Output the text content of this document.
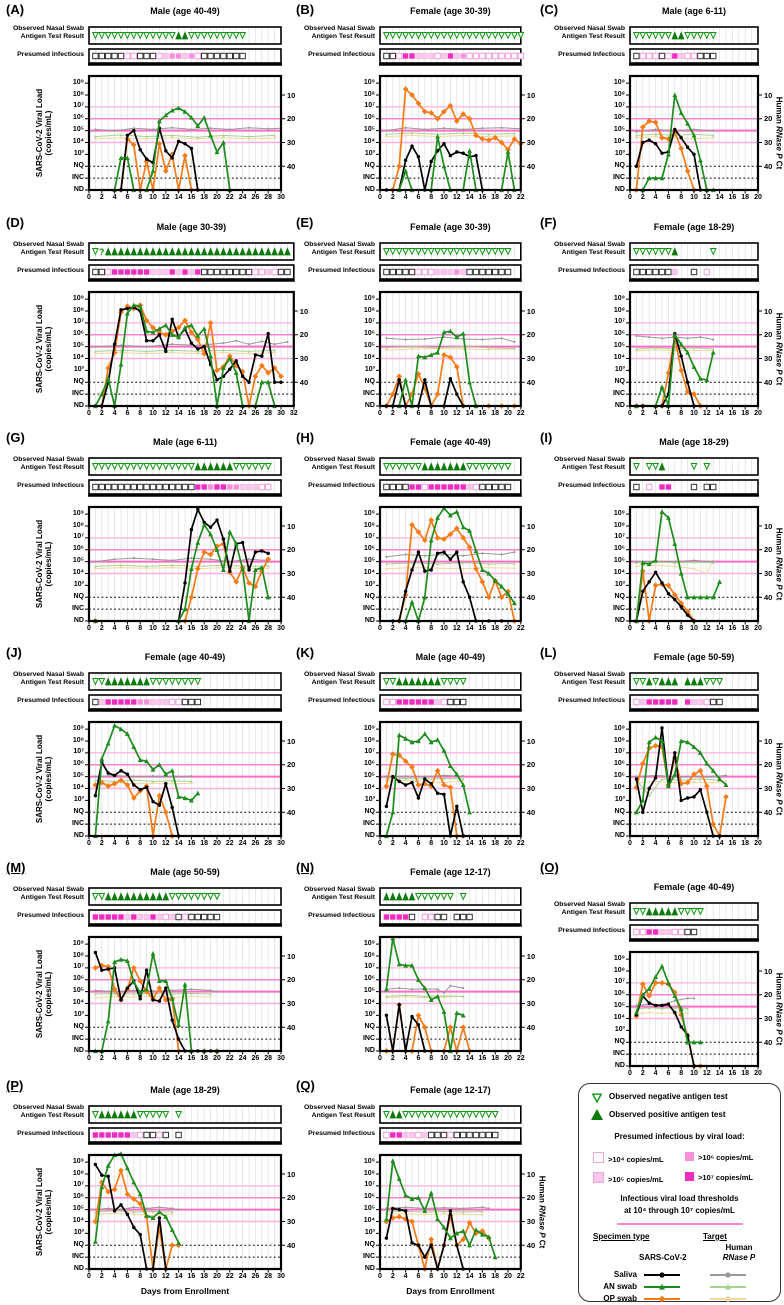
(A)	Male (age 40-49)
Observed Nasal Swab
Antigen Test Result
Presumed Infectious
10⁹
10⁸
10⁷
10⁶
10⁵
10⁴
10³
NQ
INC
ND
10
20
30
40
0	2	4	6	8 10 12 14 16 18 20 22 24 26 28 30
SARS-CoV-2 Viral Load
(copies/mL)
(B)	Female (age 30-39)
Observed Nasal Swab
Antigen Test Result
Presumed Infectious
10⁹
10⁸
10⁷
10⁶
10⁵
10⁴
10³
NQ
INC
ND
10
20
30
40
0	2	4	6	8 10 12 14 16 18 20 22
(C)	Male (age 6-11)
Observed Nasal Swab
Antigen Test Result
Presumed Infectious
10⁹
10⁸
10⁷
10⁶
10⁵
10⁴
10³
NQ
INC
ND
10
20
30
40
0	2	4	6	8 10 12 14 16 18 20
Human RNase P Ct
(D)	Male (age 30-39)
Observed Nasal Swab
Antigen Test Result
Presumed Infectious
10⁹
10⁸
10⁷
10⁶
10⁵
10⁴
10³
NQ
INC
ND
10
20
30
40
0	2	4	6	8 10 12 14 16 18 20 22 24 26 28 30 32
SARS-CoV-2 Viral Load
(copies/mL)
?
(E)	Female (age 30-39)
Observed Nasal Swab
Antigen Test Result
Presumed Infectious
10⁹
10⁸
10⁷
10⁶
10⁵
10⁴
10³
NQ
INC
ND
10
20
30
40
0	2	4	6	8 10 12 14 16 18 20 22
(F)	Female (age 18-29)
Observed Nasal Swab
Antigen Test Result
Presumed Infectious
10⁹
10⁸
10⁷
10⁶
10⁵
10⁴
10³
NQ
INC
ND
10
20
30
40
0	2	4	6	8 10 12 14 16 18 20
Human RNase P Ct
(G)	Male (age 6-11)
Observed Nasal Swab
Antigen Test Result
Presumed Infectious
10⁹
10⁸
10⁷
10⁶
10⁵
10⁴
10³
NQ
INC
ND
10
20
30
40
0	2	4	6	8 10 12 14 16 18 20 22 24 26 28 30
SARS-CoV-2 Viral Load
(copies/mL)
(H)	Female (age 40-49)
Observed Nasal Swab
Antigen Test Result
Presumed Infectious
10⁹
10⁸
10⁷
10⁶
10⁵
10⁴
10³
NQ
INC
ND
10
20
30
40
0	2	4	6	8 10 12 14 16 18 20 22
(I)	Male (age 18-29)
Observed Nasal Swab
Antigen Test Result
Presumed Infectious
10⁹
10⁸
10⁷
10⁶
10⁵
10⁴
10³
NQ
INC
ND
10
20
30
40
0	2	4	6	8 10 12 14 16 18 20
Human RNase P Ct
(J)	Female (age 40-49)
Observed Nasal Swab
Antigen Test Result
Presumed Infectious
10⁹
10⁸
10⁷
10⁶
10⁵
10⁴
10³
NQ
INC
ND
10
20
30
40
0	2	4	6	8 10 12 14 16 18 20 22 24 26 28 30
SARS-CoV-2 Viral Load
(copies/mL)
(K)	Male (age 40-49)
Observed Nasal Swab
Antigen Test Result
Presumed Infectious
10⁹
10⁸
10⁷
10⁶
10⁵
10⁴
10³
NQ
INC
ND
10
20
30
40
0	2	4	6	8 10 12 14 16 18 20 22
(L)	Female (age 50-59)
Observed Nasal Swab
Antigen Test Result
Presumed Infectious
10⁹
10⁸
10⁷
10⁶
10⁵
10⁴
10³
NQ
INC
ND
10
20
30
40
0	2	4	6	8 10 12 14 16 18 20
Human RNase P Ct
(M)	Male (age 50-59)
Observed Nasal Swab
Antigen Test Result
Presumed Infectious
10⁹
10⁸
10⁷
10⁶
10⁵
10⁴
10³
NQ
INC
ND
10
20
30
40
0	2	4	6	8 10 12 14 16 18 20 22 24 26 28 30
SARS-CoV-2 Viral Load
(copies/mL)
(N)	Female (age 12-17)
Observed Nasal Swab
Antigen Test Result
Presumed Infectious
10⁹
10⁸
10⁷
10⁶
10⁵
10⁴
10³
NQ
INC
ND
10
20
30
40
0	2	4	6	8 10 12 14 16 18 20 22
(O)
Female (age 40-49)
Observed Nasal Swab
Antigen Test Result
Presumed Infectious
10⁹
10⁸
10⁷
10⁶
10⁵
10⁴
10³
NQ
INC
ND
10
20
30
40
0	2	4	6	8 10 12 14 16 18 20
Human RNase P Ct
(P)	Male (age 18-29)
Observed Nasal Swab
Antigen Test Result
Presumed Infectious
10⁹
10⁸
10⁷
10⁶
10⁵
10⁴
10³
NQ
INC
ND
10
20
30
40
0	2	4	6	8 10 12 14 16 18 20 22 24 26 28 30
Days from Enrollment
SARS-CoV-2 Viral Load
(copies/mL)
(Q)	Female (age 12-17)
Observed Nasal Swab
Antigen Test Result
Presumed Infectious
10⁹
10⁸
10⁷
10⁶
10⁵
10⁴
10³
NQ
INC
ND
10
20
30
40
0	2	4	6	8 10 12 14 16 18 20 22
Days from Enrollment
Human RNase P Ct
Observed negative antigen test
Observed positive antigen test
Presumed infectious by viral load:
>10⁴ copies/mL	>10⁶ copies/mL
>10⁵ copies/mL	>10⁷ copies/mL
Infectious viral load thresholds
at 10⁴ through 10⁷ copies/mL
Specimen type	Target
SARS-CoV-2
Human
RNase P
Saliva
AN swab
OP swab
